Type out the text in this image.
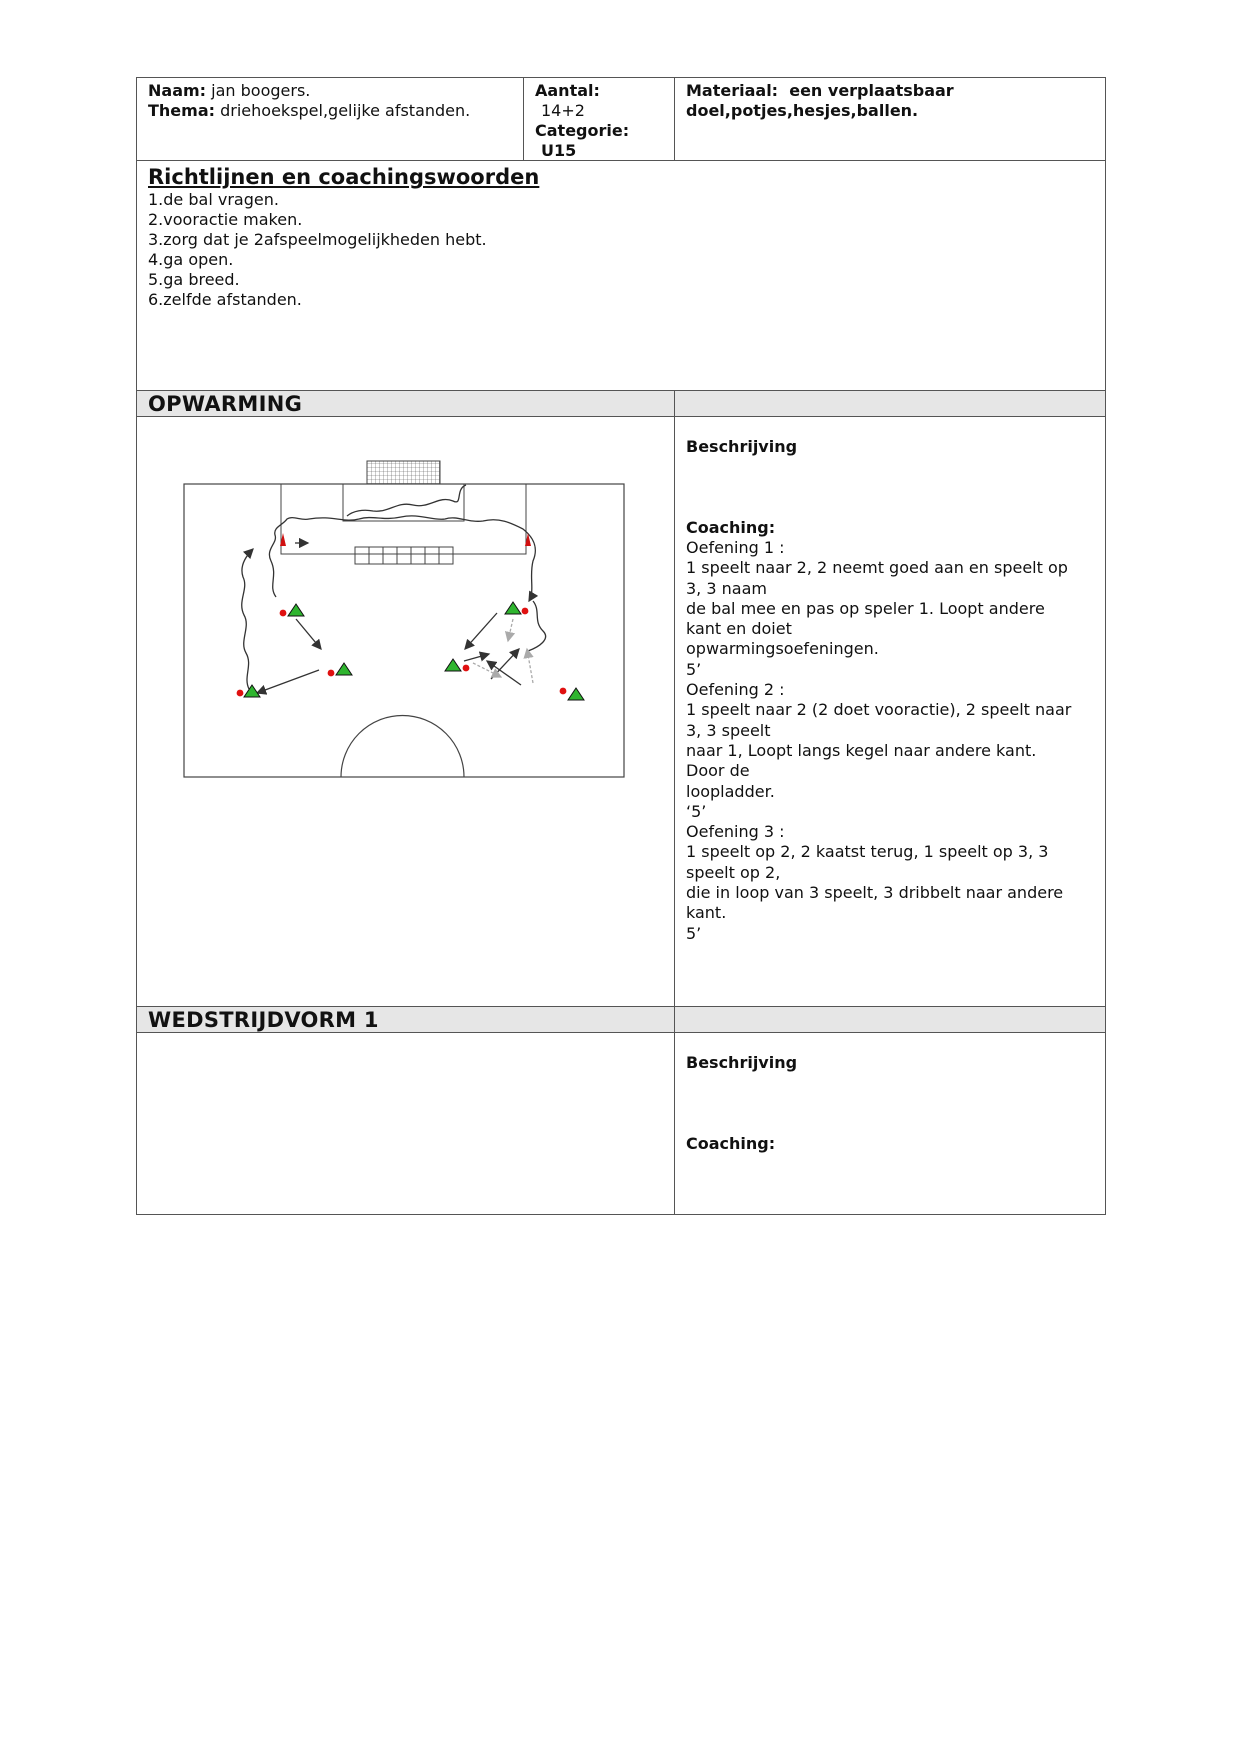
Naam: jan boogers.
Thema: driehoekspel,gelijke afstanden.
Aantal:
14+2
Categorie:
U15
Materiaal: een verplaatsbaar
doel,potjes,hesjes,ballen.
Richtlijnen en coachingswoorden
1.de bal vragen.
2.vooractie maken.
3.zorg dat je 2afspeelmogelijkheden hebt.
4.ga open.
5.ga breed.
6.zelfde afstanden.
OPWARMING
Beschrijving
Coaching:
Oefening 1 :
1 speelt naar 2, 2 neemt goed aan en speelt op
3, 3 naam
de bal mee en pas op speler 1. Loopt andere
kant en doiet
opwarmingsoefeningen.
5’
Oefening 2 :
1 speelt naar 2 (2 doet vooractie), 2 speelt naar
3, 3 speelt
naar 1, Loopt langs kegel naar andere kant.
Door de
loopladder.
‘5’
Oefening 3 :
1 speelt op 2, 2 kaatst terug, 1 speelt op 3, 3
speelt op 2,
die in loop van 3 speelt, 3 dribbelt naar andere
kant.
5’
WEDSTRIJDVORM 1
Beschrijving
Coaching:
